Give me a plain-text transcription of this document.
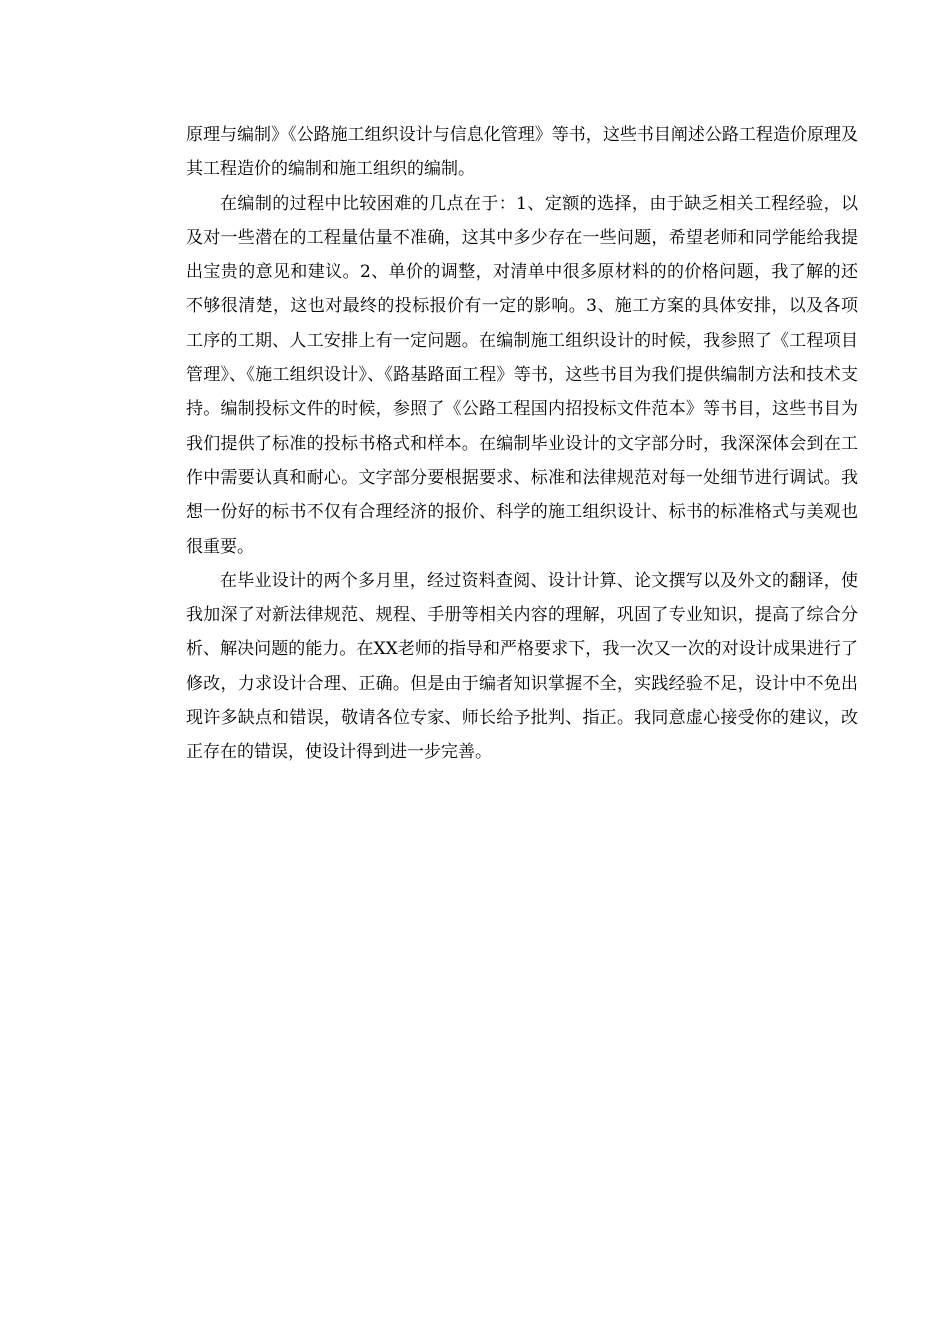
原理与编制》《公路施工组织设计与信息化管理》等书，这些书目阐述公路工程造价原理及其工程造价的编制和施工组织的编制。

在编制的过程中比较困难的几点在于：1、定额的选择，由于缺乏相关工程经验，以及对一些潜在的工程量估量不准确，这其中多少存在一些问题，希望老师和同学能给我提出宝贵的意见和建议。2、单价的调整，对清单中很多原材料的的价格问题，我了解的还不够很清楚，这也对最终的投标报价有一定的影响。3、施工方案的具体安排，以及各项工序的工期、人工安排上有一定问题。在编制施工组织设计的时候，我参照了《工程项目管理》、《施工组织设计》、《路基路面工程》等书，这些书目为我们提供编制方法和技术支持。编制投标文件的时候，参照了《公路工程国内招投标文件范本》等书目，这些书目为我们提供了标准的投标书格式和样本。在编制毕业设计的文字部分时，我深深体会到在工作中需要认真和耐心。文字部分要根据要求、标准和法律规范对每一处细节进行调试。我想一份好的标书不仅有合理经济的报价、科学的施工组织设计、标书的标准格式与美观也很重要。

在毕业设计的两个多月里，经过资料查阅、设计计算、论文撰写以及外文的翻译，使我加深了对新法律规范、规程、手册等相关内容的理解，巩固了专业知识，提高了综合分析、解决问题的能力。在XX老师的指导和严格要求下，我一次又一次的对设计成果进行了修改，力求设计合理、正确。但是由于编者知识掌握不全，实践经验不足，设计中不免出现许多缺点和错误，敬请各位专家、师长给予批判、指正。我同意虚心接受你的建议，改正存在的错误，使设计得到进一步完善。
